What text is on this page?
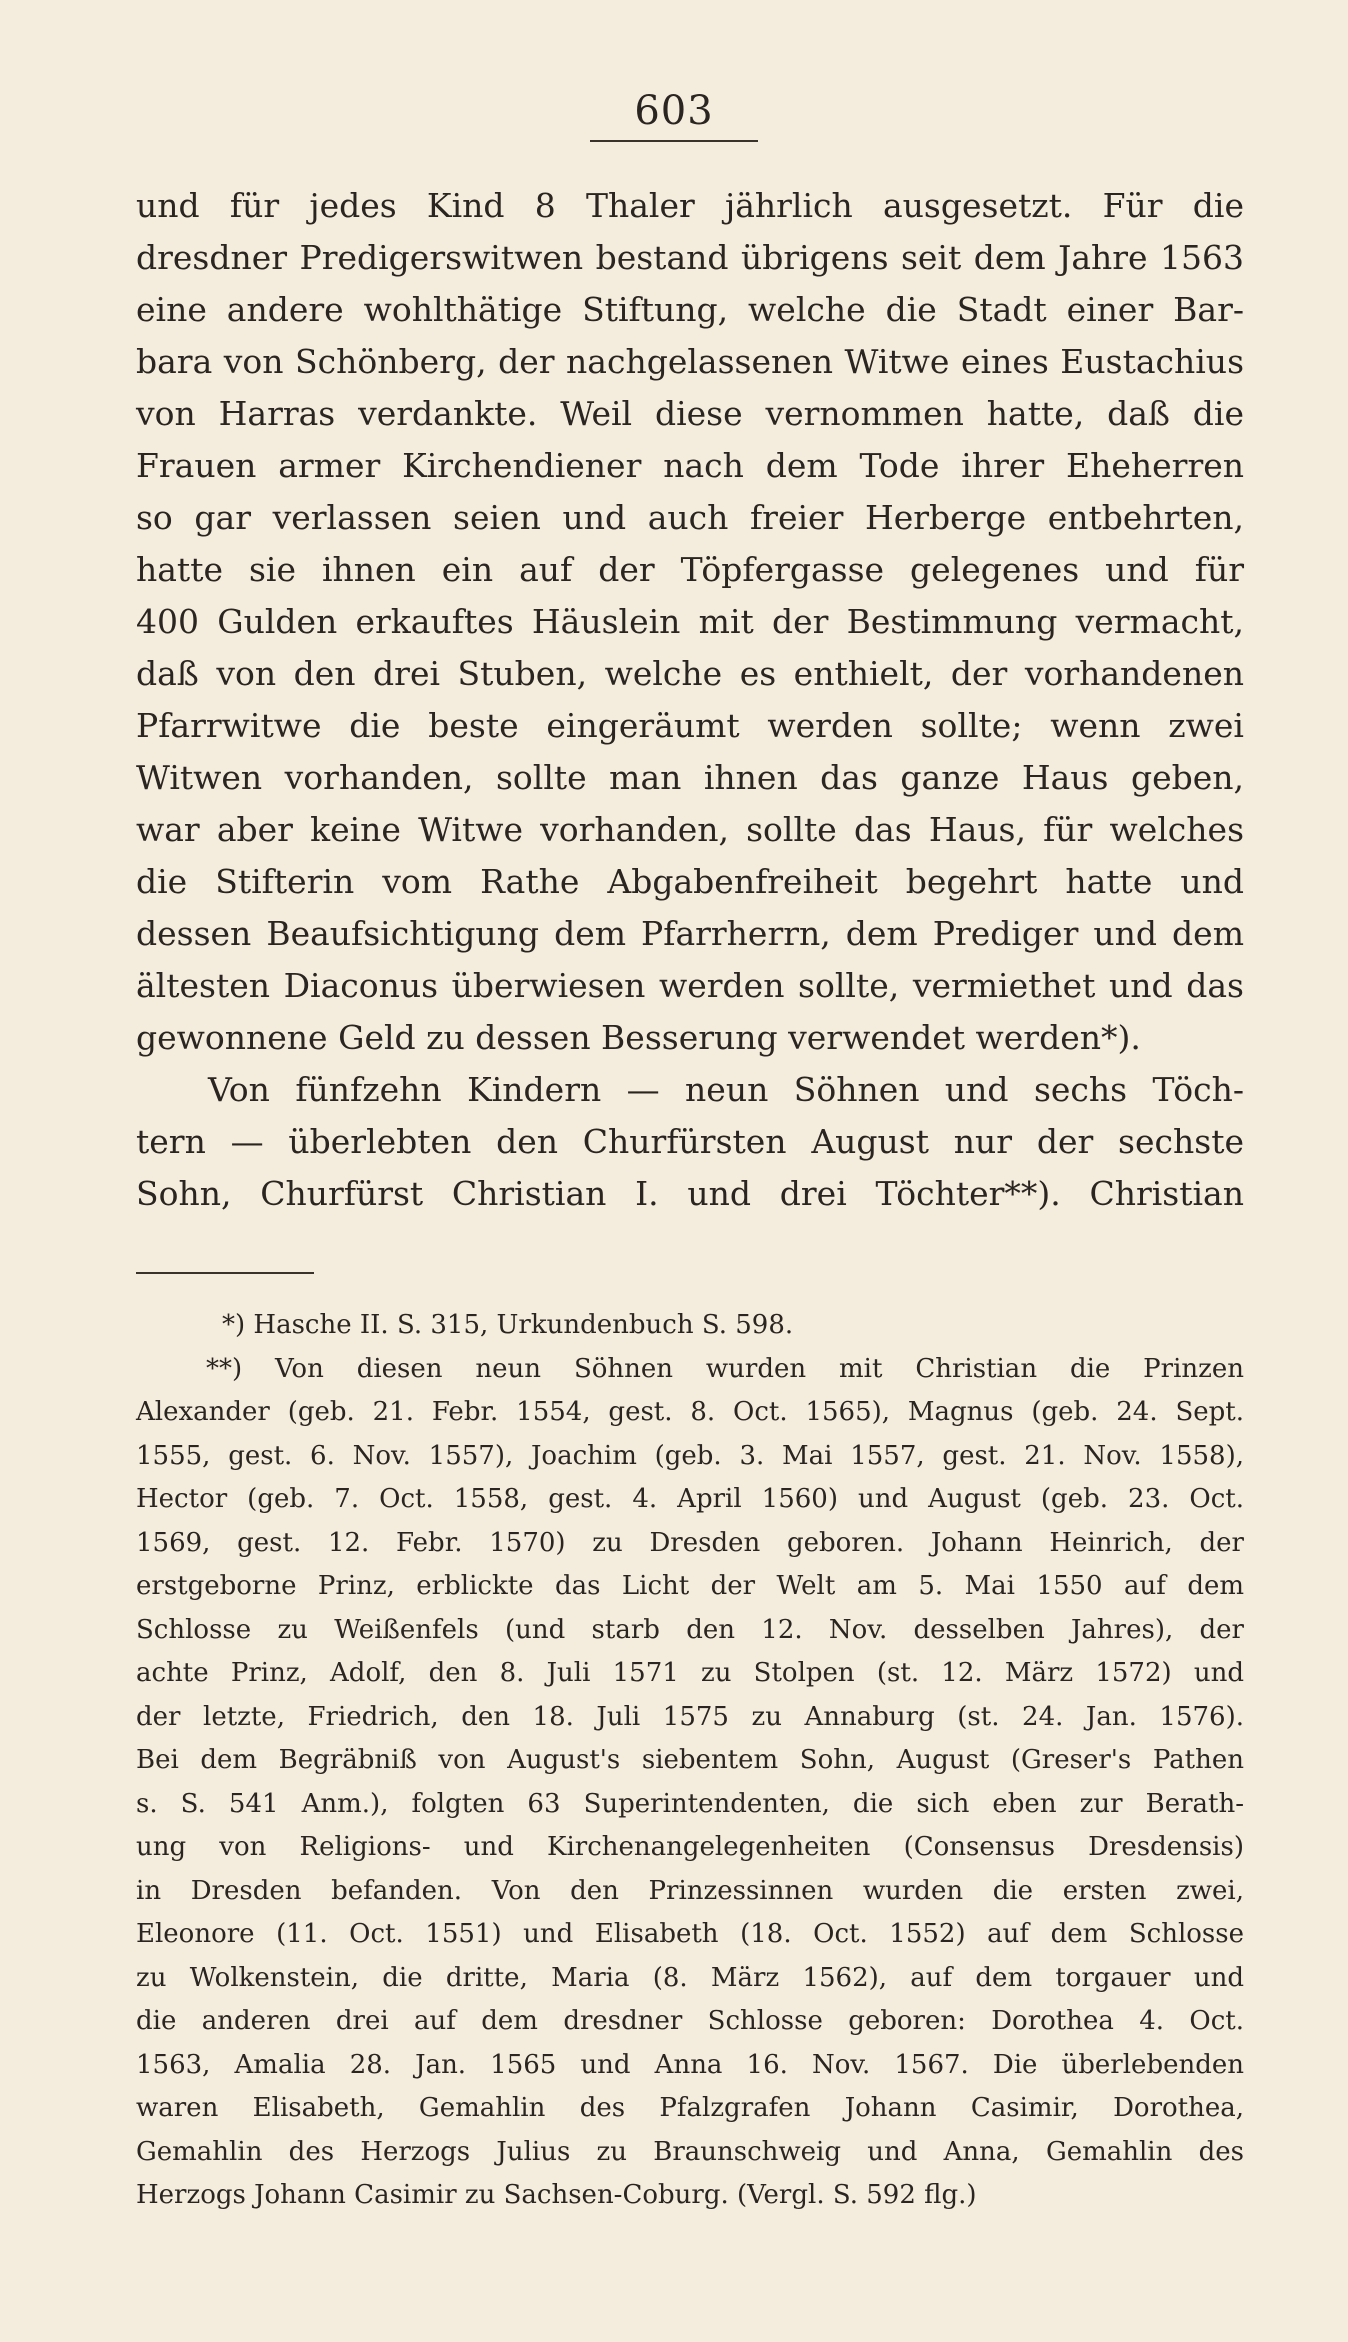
603
und für jedes Kind 8 Thaler jährlich ausgesetzt. Für die
dresdner Predigerswitwen bestand übrigens seit dem Jahre 1563
eine andere wohlthätige Stiftung, welche die Stadt einer Bar-
bara von Schönberg, der nachgelassenen Witwe eines Eustachius
von Harras verdankte. Weil diese vernommen hatte, daß die
Frauen armer Kirchendiener nach dem Tode ihrer Eheherren
so gar verlassen seien und auch freier Herberge entbehrten,
hatte sie ihnen ein auf der Töpfergasse gelegenes und für
400 Gulden erkauftes Häuslein mit der Bestimmung vermacht,
daß von den drei Stuben, welche es enthielt, der vorhandenen
Pfarrwitwe die beste eingeräumt werden sollte; wenn zwei
Witwen vorhanden, sollte man ihnen das ganze Haus geben,
war aber keine Witwe vorhanden, sollte das Haus, für welches
die Stifterin vom Rathe Abgabenfreiheit begehrt hatte und
dessen Beaufsichtigung dem Pfarrherrn, dem Prediger und dem
ältesten Diaconus überwiesen werden sollte, vermiethet und das
gewonnene Geld zu dessen Besserung verwendet werden*).
Von fünfzehn Kindern — neun Söhnen und sechs Töch-
tern — überlebten den Churfürsten August nur der sechste
Sohn, Churfürst Christian I. und drei Töchter**). Christian
*) Hasche II. S. 315, Urkundenbuch S. 598.
**) Von diesen neun Söhnen wurden mit Christian die Prinzen
Alexander (geb. 21. Febr. 1554, gest. 8. Oct. 1565), Magnus (geb. 24. Sept.
1555, gest. 6. Nov. 1557), Joachim (geb. 3. Mai 1557, gest. 21. Nov. 1558),
Hector (geb. 7. Oct. 1558, gest. 4. April 1560) und August (geb. 23. Oct.
1569, gest. 12. Febr. 1570) zu Dresden geboren. Johann Heinrich, der
erstgeborne Prinz, erblickte das Licht der Welt am 5. Mai 1550 auf dem
Schlosse zu Weißenfels (und starb den 12. Nov. desselben Jahres), der
achte Prinz, Adolf, den 8. Juli 1571 zu Stolpen (st. 12. März 1572) und
der letzte, Friedrich, den 18. Juli 1575 zu Annaburg (st. 24. Jan. 1576).
Bei dem Begräbniß von August's siebentem Sohn, August (Greser's Pathen
s. S. 541 Anm.), folgten 63 Superintendenten, die sich eben zur Berath-
ung von Religions- und Kirchenangelegenheiten (Consensus Dresdensis)
in Dresden befanden. Von den Prinzessinnen wurden die ersten zwei,
Eleonore (11. Oct. 1551) und Elisabeth (18. Oct. 1552) auf dem Schlosse
zu Wolkenstein, die dritte, Maria (8. März 1562), auf dem torgauer und
die anderen drei auf dem dresdner Schlosse geboren: Dorothea 4. Oct.
1563, Amalia 28. Jan. 1565 und Anna 16. Nov. 1567. Die überlebenden
waren Elisabeth, Gemahlin des Pfalzgrafen Johann Casimir, Dorothea,
Gemahlin des Herzogs Julius zu Braunschweig und Anna, Gemahlin des
Herzogs Johann Casimir zu Sachsen-Coburg. (Vergl. S. 592 flg.)
